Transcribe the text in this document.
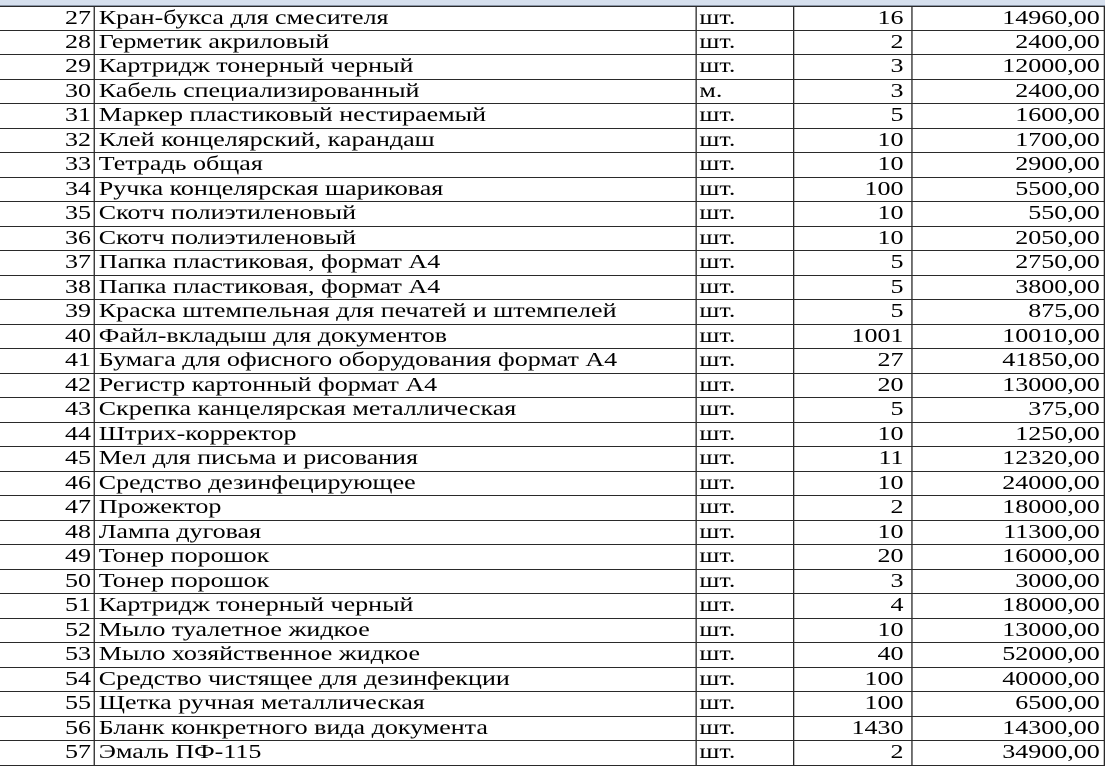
27 Кран-букса для смесителя	шт.	16	14960,00
28 Герметик акриловый	шт.	2	2400,00
29 Картридж тонерный черный	шт.	3	12000,00
30 Кабель специализированный	м.	3	2400,00
31 Маркер пластиковый нестираемый	шт.	5	1600,00
32 Клей концелярский, карандаш	шт.	10	1700,00
33 Тетрадь общая	шт.	10	2900,00
34 Ручка концелярская шариковая	шт.	100	5500,00
35 Скотч полиэтиленовый	шт.	10	550,00
36 Скотч полиэтиленовый	шт.	10	2050,00
37 Папка пластиковая, формат А4	шт.	5	2750,00
38 Папка пластиковая, формат А4	шт.	5	3800,00
39 Краска штемпельная для печатей и штемпелей	шт.	5	875,00
40 Файл-вкладыш для документов	шт.	1001	10010,00
41 Бумага для офисного оборудования формат А4	шт.	27	41850,00
42 Регистр картонный формат А4	шт.	20	13000,00
43 Скрепка канцелярская металлическая	шт.	5	375,00
44 Штрих-корректор	шт.	10	1250,00
45 Мел для письма и рисования	шт.	11	12320,00
46 Средство дезинфецирующее	шт.	10	24000,00
47 Прожектор	шт.	2	18000,00
48 Лампа дуговая	шт.	10	11300,00
49 Тонер порошок	шт.	20	16000,00
50 Тонер порошок	шт.	3	3000,00
51 Картридж тонерный черный	шт.	4	18000,00
52 Мыло туалетное жидкое	шт.	10	13000,00
53 Мыло хозяйственное жидкое	шт.	40	52000,00
54 Средство чистящее для дезинфекции	шт.	100	40000,00
55 Щетка ручная металлическая	шт.	100	6500,00
56 Бланк конкретного вида документа	шт.	1430	14300,00
57 Эмаль ПФ-115	шт.	2	34900,00
